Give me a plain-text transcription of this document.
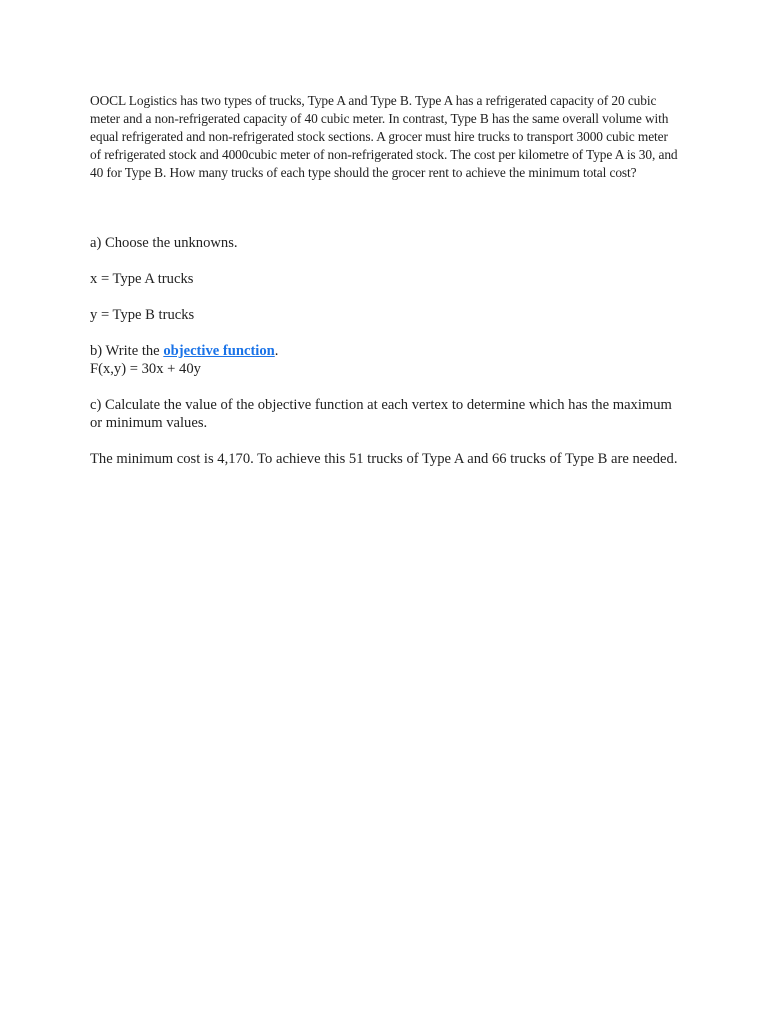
OOCL Logistics has two types of trucks, Type A and Type B. Type A has a refrigerated capacity of 20 cubic meter and a non-refrigerated capacity of 40 cubic meter. In contrast, Type B has the same overall volume with equal refrigerated and non-refrigerated stock sections. A grocer must hire trucks to transport 3000 cubic meter of refrigerated stock and 4000cubic meter of non-refrigerated stock. The cost per kilometre of Type A is 30, and 40 for Type B. How many trucks of each type should the grocer rent to achieve the minimum total cost?

a) Choose the unknowns.

x = Type A trucks

y = Type B trucks

b) Write the objective function.
F(x,y) = 30x + 40y

c) Calculate the value of the objective function at each vertex to determine which has the maximum or minimum values.

The minimum cost is 4,170. To achieve this 51 trucks of Type A and 66 trucks of Type B are needed.
